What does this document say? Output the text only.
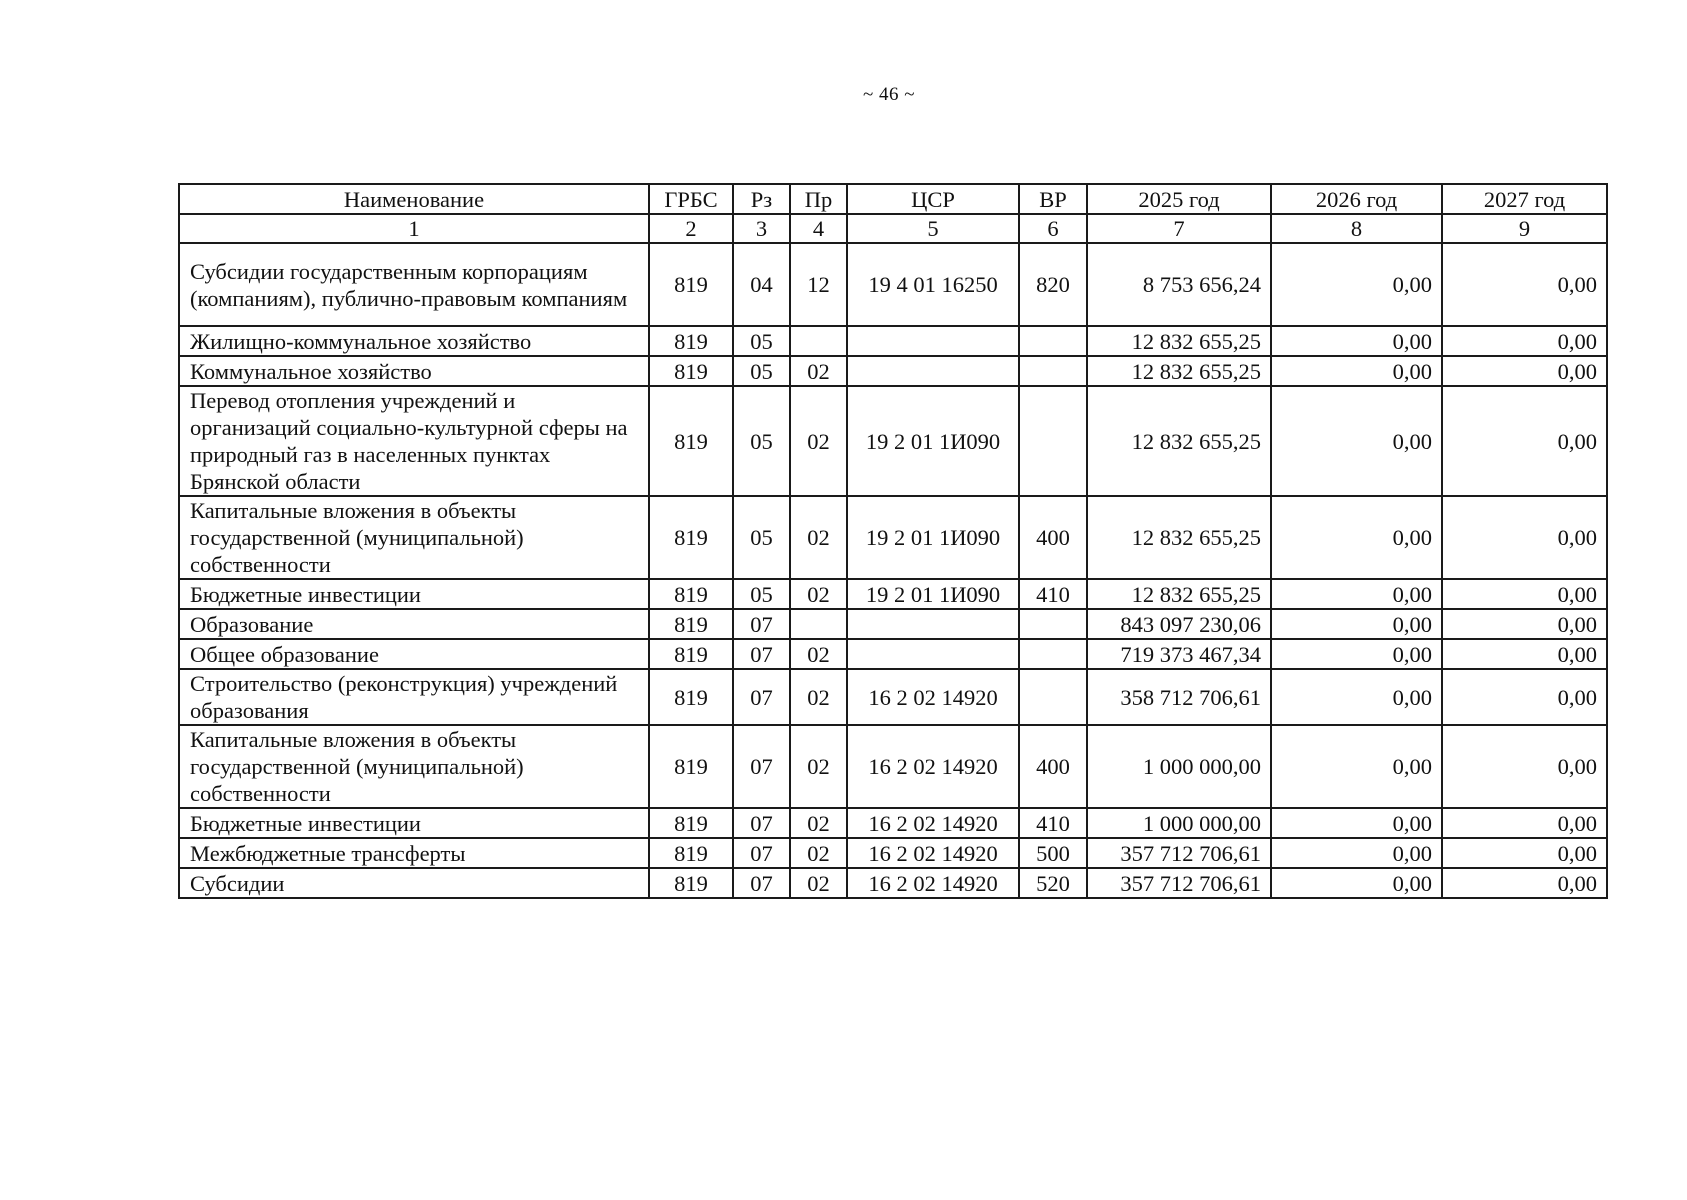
~ 46 ~
Наименование	ГРБС	Рз	Пр	ЦСР	ВР	2025 год	2026 год	2027 год
1	2	3	4	5	6	7	8	9
Субсидии государственным корпорациям (компаниям), публично-правовым компаниям	819	04	12	19 4 01 16250	820	8 753 656,24	0,00	0,00
Жилищно-коммунальное хозяйство	819	05				12 832 655,25	0,00	0,00
Коммунальное хозяйство	819	05	02			12 832 655,25	0,00	0,00
Перевод отопления учреждений и организаций социально-культурной сферы на природный газ в населенных пунктах Брянской области	819	05	02	19 2 01 1И090		12 832 655,25	0,00	0,00
Капитальные вложения в объекты государственной (муниципальной) собственности	819	05	02	19 2 01 1И090	400	12 832 655,25	0,00	0,00
Бюджетные инвестиции	819	05	02	19 2 01 1И090	410	12 832 655,25	0,00	0,00
Образование	819	07				843 097 230,06	0,00	0,00
Общее образование	819	07	02			719 373 467,34	0,00	0,00
Строительство (реконструкция) учреждений образования	819	07	02	16 2 02 14920		358 712 706,61	0,00	0,00
Капитальные вложения в объекты государственной (муниципальной) собственности	819	07	02	16 2 02 14920	400	1 000 000,00	0,00	0,00
Бюджетные инвестиции	819	07	02	16 2 02 14920	410	1 000 000,00	0,00	0,00
Межбюджетные трансферты	819	07	02	16 2 02 14920	500	357 712 706,61	0,00	0,00
Субсидии	819	07	02	16 2 02 14920	520	357 712 706,61	0,00	0,00
